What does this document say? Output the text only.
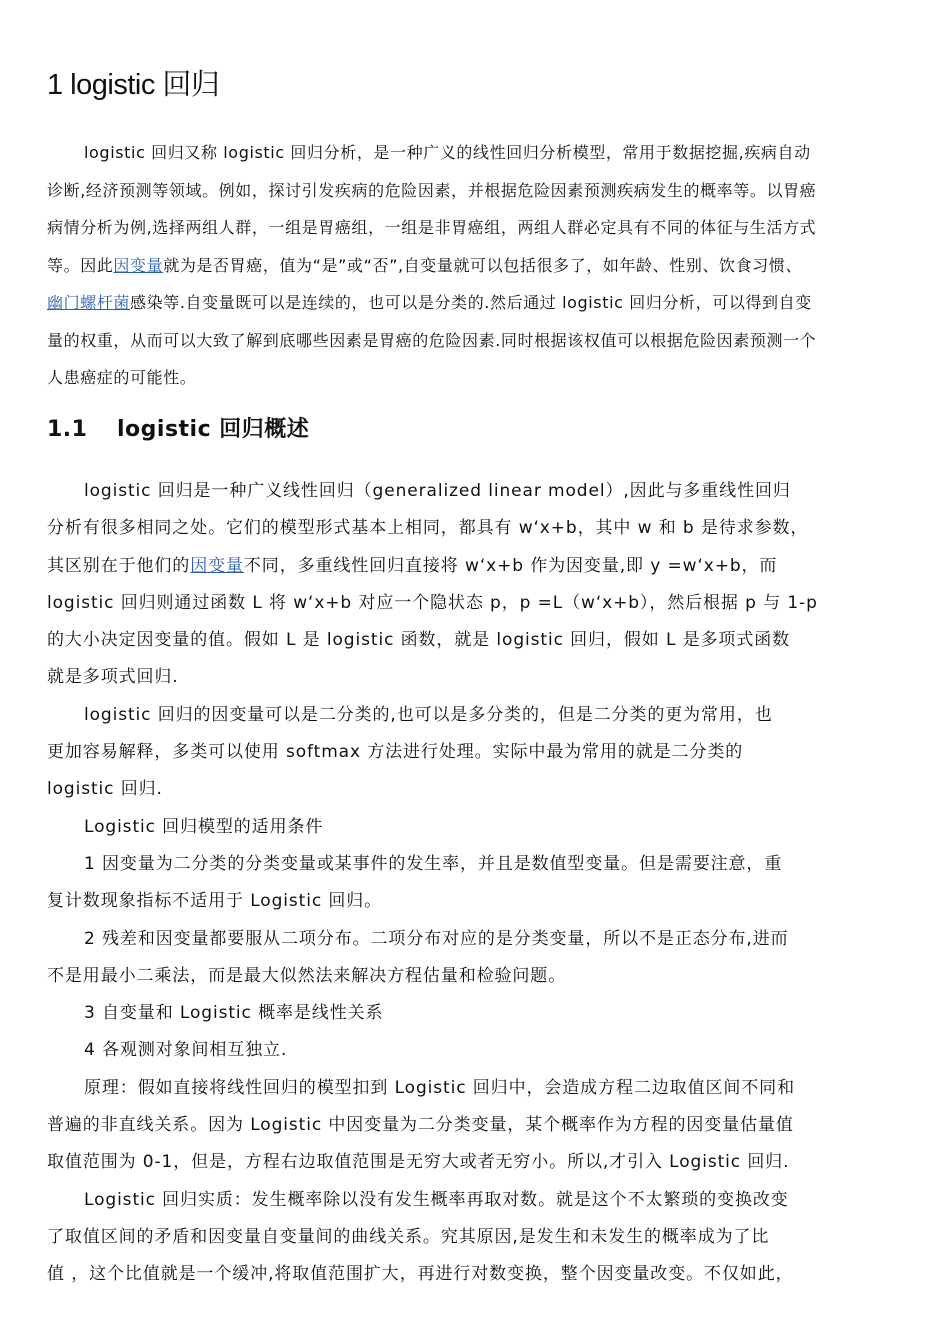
1 logistic 回归
logistic 回归又称 logistic 回归分析，是一种广义的线性回归分析模型，常用于数据挖掘,疾病自动
诊断,经济预测等领域。例如，探讨引发疾病的危险因素，并根据危险因素预测疾病发生的概率等。以胃癌
病情分析为例,选择两组人群，一组是胃癌组，一组是非胃癌组，两组人群必定具有不同的体征与生活方式
等。因此因变量就为是否胃癌，值为“是”或“否”,自变量就可以包括很多了，如年龄、性别、饮食习惯、
幽门螺杆菌感染等.自变量既可以是连续的，也可以是分类的.然后通过 logistic 回归分析，可以得到自变
量的权重，从而可以大致了解到底哪些因素是胃癌的危险因素.同时根据该权值可以根据危险因素预测一个
人患癌症的可能性。
1.1 logistic 回归概述
logistic 回归是一种广义线性回归（generalized linear model）,因此与多重线性回归
分析有很多相同之处。它们的模型形式基本上相同，都具有 w‘x+b，其中 w 和 b 是待求参数，
其区别在于他们的因变量不同，多重线性回归直接将 w‘x+b 作为因变量,即 y =w‘x+b，而
logistic 回归则通过函数 L 将 w‘x+b 对应一个隐状态 p，p =L（w‘x+b），然后根据 p 与 1-p
的大小决定因变量的值。假如 L 是 logistic 函数，就是 logistic 回归，假如 L 是多项式函数
就是多项式回归.
logistic 回归的因变量可以是二分类的,也可以是多分类的，但是二分类的更为常用，也
更加容易解释，多类可以使用 softmax 方法进行处理。实际中最为常用的就是二分类的
logistic 回归.
Logistic 回归模型的适用条件
1 因变量为二分类的分类变量或某事件的发生率，并且是数值型变量。但是需要注意，重
复计数现象指标不适用于 Logistic 回归。
2 残差和因变量都要服从二项分布。二项分布对应的是分类变量，所以不是正态分布,进而
不是用最小二乘法，而是最大似然法来解决方程估量和检验问题。
3 自变量和 Logistic 概率是线性关系
4 各观测对象间相互独立.
原理：假如直接将线性回归的模型扣到 Logistic 回归中，会造成方程二边取值区间不同和
普遍的非直线关系。因为 Logistic 中因变量为二分类变量，某个概率作为方程的因变量估量值
取值范围为 0-1，但是，方程右边取值范围是无穷大或者无穷小。所以,才引入 Logistic 回归.
Logistic 回归实质：发生概率除以没有发生概率再取对数。就是这个不太繁琐的变换改变
了取值区间的矛盾和因变量自变量间的曲线关系。究其原因,是发生和未发生的概率成为了比
值 ，这个比值就是一个缓冲,将取值范围扩大，再进行对数变换，整个因变量改变。不仅如此，
